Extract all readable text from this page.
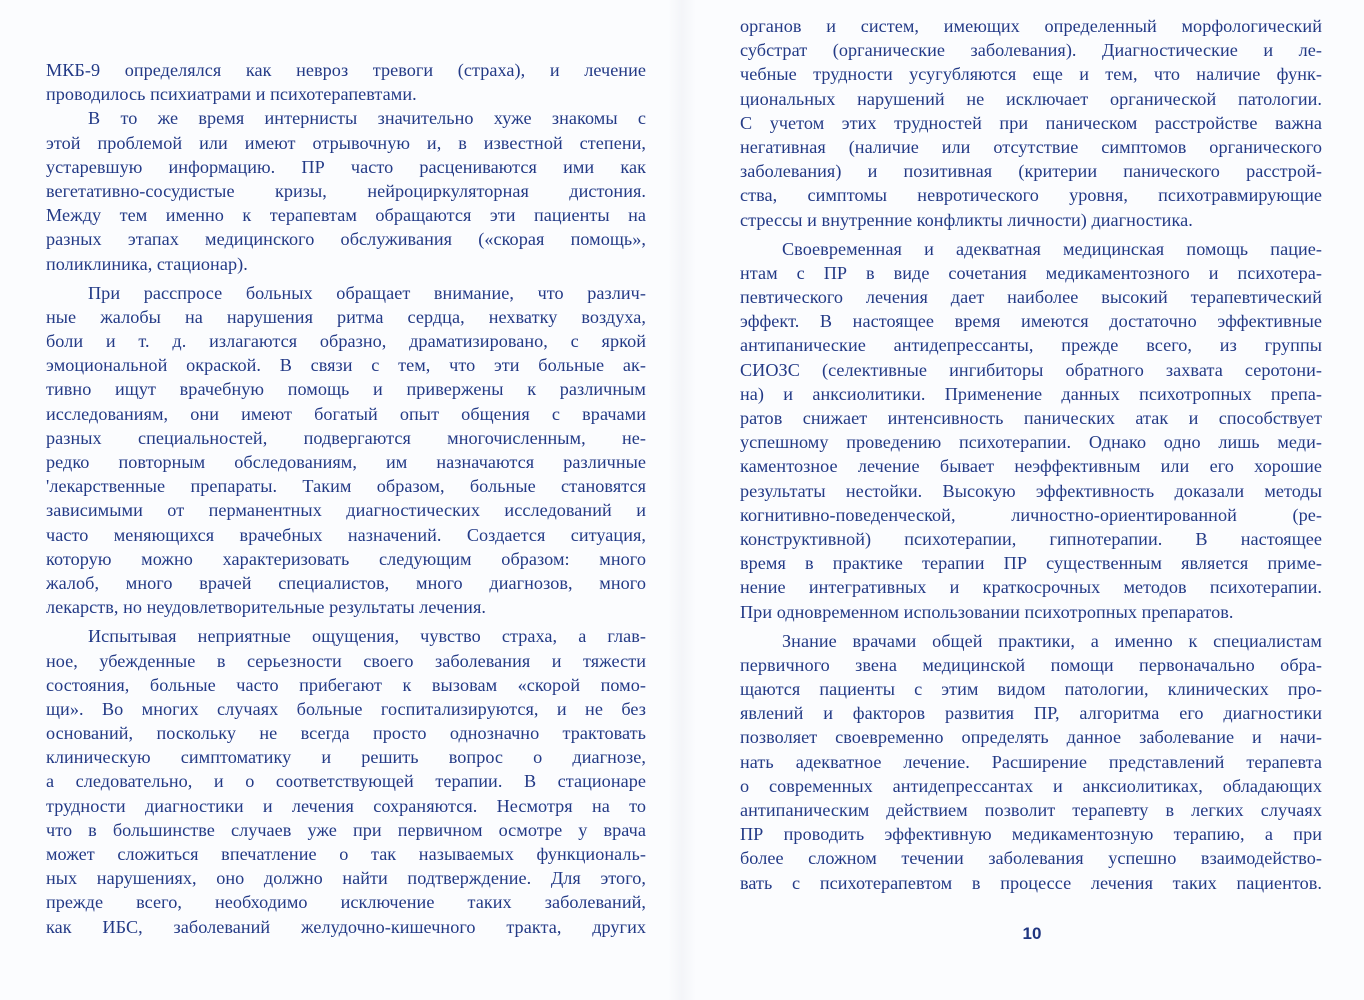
МКБ-9 определялся как невроз тревоги (страха), и лечение
проводилось психиатрами и психотерапевтами.
В то же время интернисты значительно хуже знакомы с
этой проблемой или имеют отрывочную и, в известной степени,
устаревшую информацию. ПР часто расцениваются ими как
вегетативно-сосудистые кризы, нейроциркуляторная дистония.
Между тем именно к терапевтам обращаются эти пациенты на
разных этапах медицинского обслуживания («скорая помощь»,
поликлиника, стационар).
При расспросе больных обращает внимание, что различ-
ные жалобы на нарушения ритма сердца, нехватку воздуха,
боли и т. д. излагаются образно, драматизировано, с яркой
эмоциональной окраской. В связи с тем, что эти больные ак-
тивно ищут врачебную помощь и привержены к различным
исследованиям, они имеют богатый опыт общения с врачами
разных специальностей, подвергаются многочисленным, не-
редко повторным обследованиям, им назначаются различные
'лекарственные препараты. Таким образом, больные становятся
зависимыми от перманентных диагностических исследований и
часто меняющихся врачебных назначений. Создается ситуация,
которую можно характеризовать следующим образом: много
жалоб, много врачей специалистов, много диагнозов, много
лекарств, но неудовлетворительные результаты лечения.
Испытывая неприятные ощущения, чувство страха, а глав-
ное, убежденные в серьезности своего заболевания и тяжести
состояния, больные часто прибегают к вызовам «скорой помо-
щи». Во многих случаях больные госпитализируются, и не без
оснований, поскольку не всегда просто однозначно трактовать
клиническую симптоматику и решить вопрос о диагнозе,
а следовательно, и о соответствующей терапии. В стационаре
трудности диагностики и лечения сохраняются. Несмотря на то
что в большинстве случаев уже при первичном осмотре у врача
может сложиться впечатление о так называемых функциональ-
ных нарушениях, оно должно найти подтверждение. Для этого,
прежде всего, необходимо исключение таких заболеваний,
как ИБС, заболеваний желудочно-кишечного тракта, других
органов и систем, имеющих определенный морфологический
субстрат (органические заболевания). Диагностические и ле-
чебные трудности усугубляются еще и тем, что наличие функ-
циональных нарушений не исключает органической патологии.
С учетом этих трудностей при паническом расстройстве важна
негативная (наличие или отсутствие симптомов органического
заболевания) и позитивная (критерии панического расстрой-
ства, симптомы невротического уровня, психотравмирующие
стрессы и внутренние конфликты личности) диагностика.
Своевременная и адекватная медицинская помощь пацие-
нтам с ПР в виде сочетания медикаментозного и психотера-
певтического лечения дает наиболее высокий терапевтический
эффект. В настоящее время имеются достаточно эффективные
антипанические антидепрессанты, прежде всего, из группы
СИОЗС (селективные ингибиторы обратного захвата серотони-
на) и анксиолитики. Применение данных психотропных препа-
ратов снижает интенсивность панических атак и способствует
успешному проведению психотерапии. Однако одно лишь меди-
каментозное лечение бывает неэффективным или его хорошие
результаты нестойки. Высокую эффективность доказали методы
когнитивно-поведенческой, личностно-ориентированной (ре-
конструктивной) психотерапии, гипнотерапии. В настоящее
время в практике терапии ПР существенным является приме-
нение интегративных и краткосрочных методов психотерапии.
При одновременном использовании психотропных препаратов.
Знание врачами общей практики, а именно к специалистам
первичного звена медицинской помощи первоначально обра-
щаются пациенты с этим видом патологии, клинических про-
явлений и факторов развития ПР, алгоритма его диагностики
позволяет своевременно определять данное заболевание и начи-
нать адекватное лечение. Расширение представлений терапевта
о современных антидепрессантах и анксиолитиках, обладающих
антипаническим действием позволит терапевту в легких случаях
ПР проводить эффективную медикаментозную терапию, а при
более сложном течении заболевания успешно взаимодейство-
вать с психотерапевтом в процессе лечения таких пациентов.
10
